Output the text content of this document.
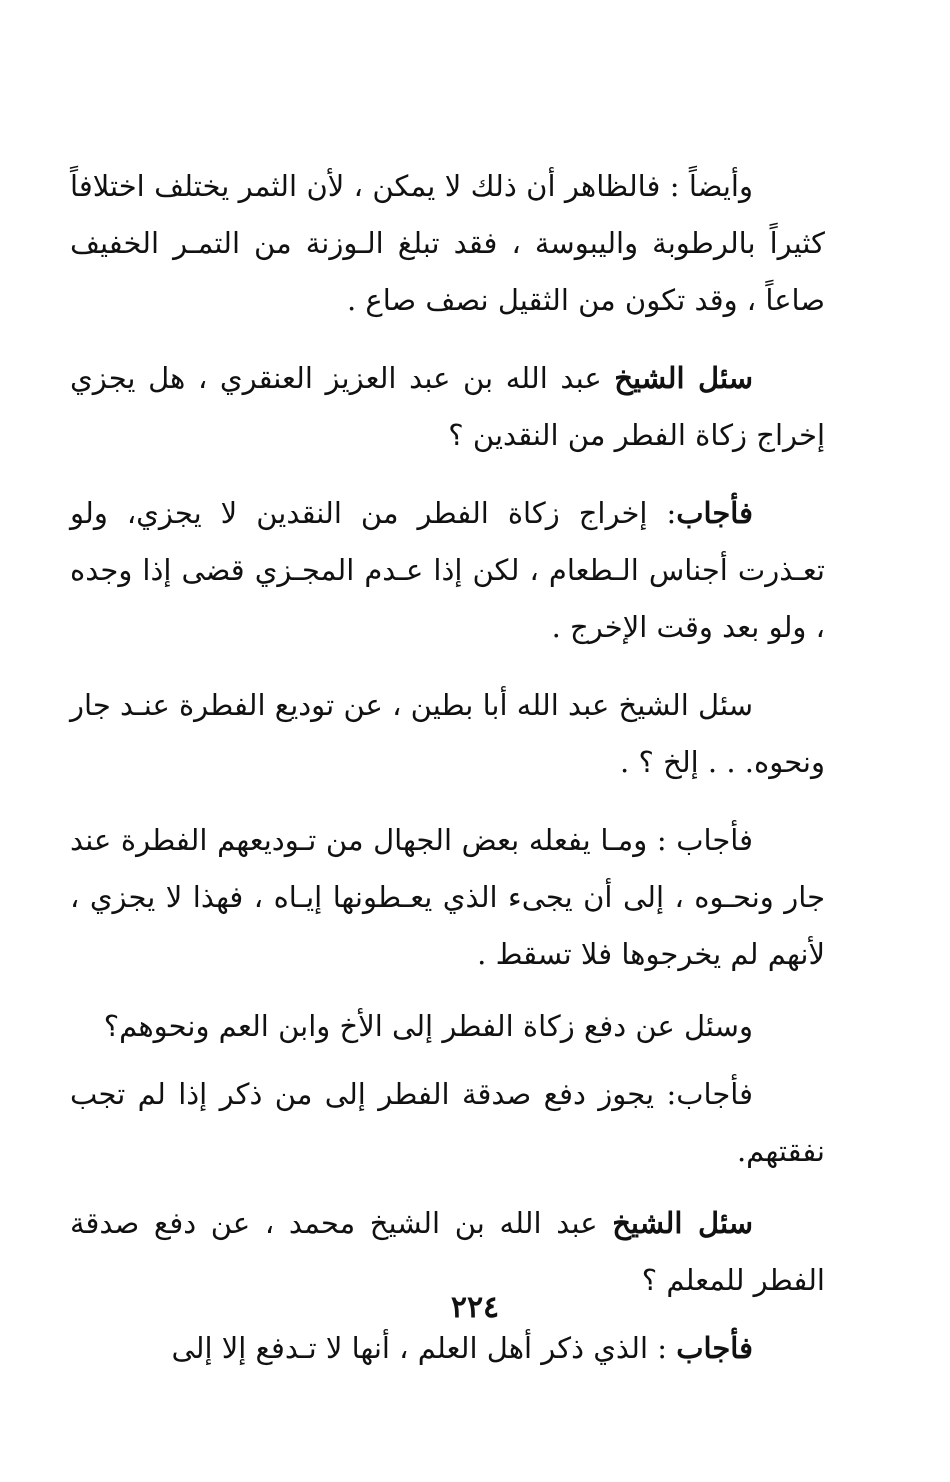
وأيضاً : فالظاهر أن ذلك لا يمكن ، لأن الثمر يختلف اختلافاً كثيراً بالرطوبة واليبوسة ، فقد تبلغ الـوزنة من التمـر الخفيف صاعاً ، وقد تكون من الثقيل نصف صاع .

سئل الشيخ عبد الله بن عبد العزيز العنقري ، هل يجزي إخراج زكاة الفطر من النقدين ؟

فأجاب: إخراج زكاة الفطر من النقدين لا يجزي، ولو تعـذرت أجناس الـطعام ، لكن إذا عـدم المجـزي قضى إذا وجده ، ولو بعد وقت الإخرج .

سئل الشيخ عبد الله أبا بطين ، عن توديع الفطرة عنـد جار ونحوه. . . إلخ ؟ .

فأجاب : ومـا يفعله بعض الجهال من تـوديعهم الفطرة عند جار ونحـوه ، إلى أن يجىء الذي يعـطونها إيـاه ، فهذا لا يجزي ، لأنهم لم يخرجوها فلا تسقط .

وسئل عن دفع زكاة الفطر إلى الأخ وابن العم ونحوهم؟

فأجاب: يجوز دفع صدقة الفطر إلى من ذكر إذا لم تجب نفقتهم.

سئل الشيخ عبد الله بن الشيخ محمد ، عن دفع صدقة الفطر للمعلم ؟

فأجاب : الذي ذكر أهل العلم ، أنها لا تـدفع إلا إلى

٢٢٤
